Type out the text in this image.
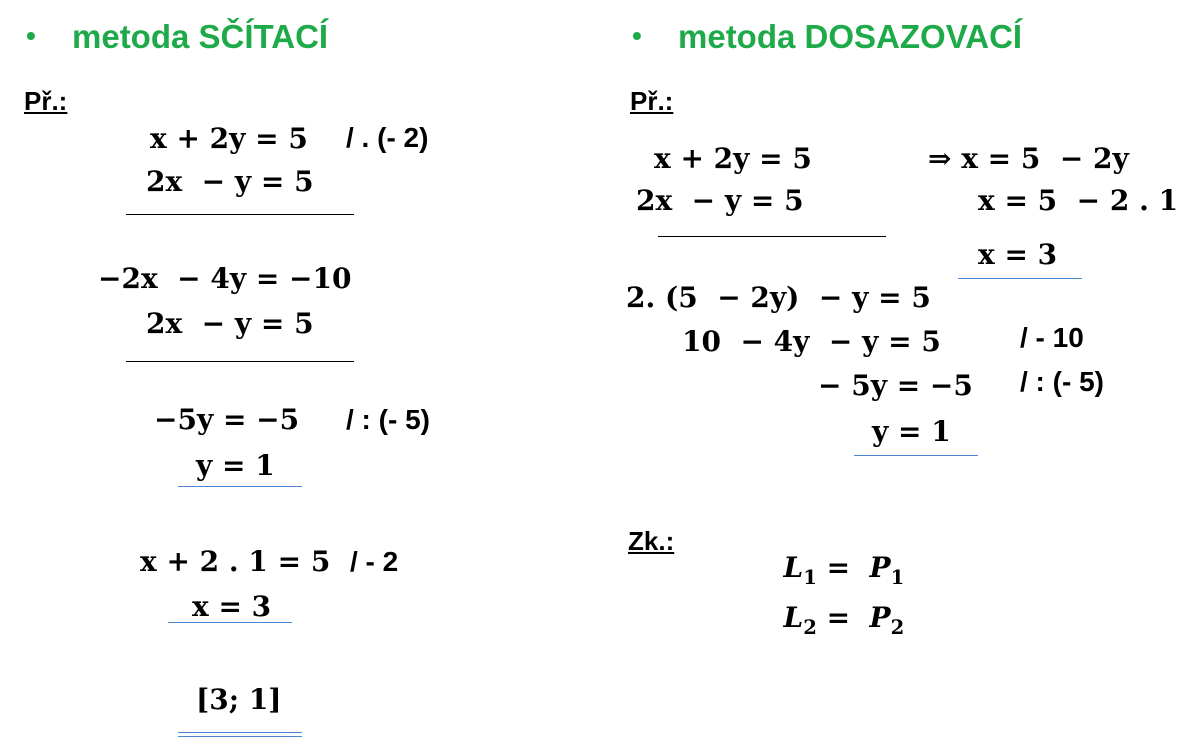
• metoda SČÍTACÍ	• metoda DOSAZOVACÍ
Př.:	Př.:
x + 2y = 5 / . (- 2)
2x  − y = 5
−2x  − 4y = −10
2x  − y = 5
−5y = −5 / : (- 5)
y = 1
x + 2 . 1 = 5 / - 2
x = 3
[3; 1]
x + 2y = 5	⇒ x = 5  − 2y
2x  − y = 5	x = 5  − 2 . 1
x = 3
2. (5  − 2y)  − y = 5
10  − 4y  − y = 5	/ - 10
− 5y = −5 / : (- 5)
y = 1
Zk.:

$L_1 = P_1$

$L_2 = P_2$
